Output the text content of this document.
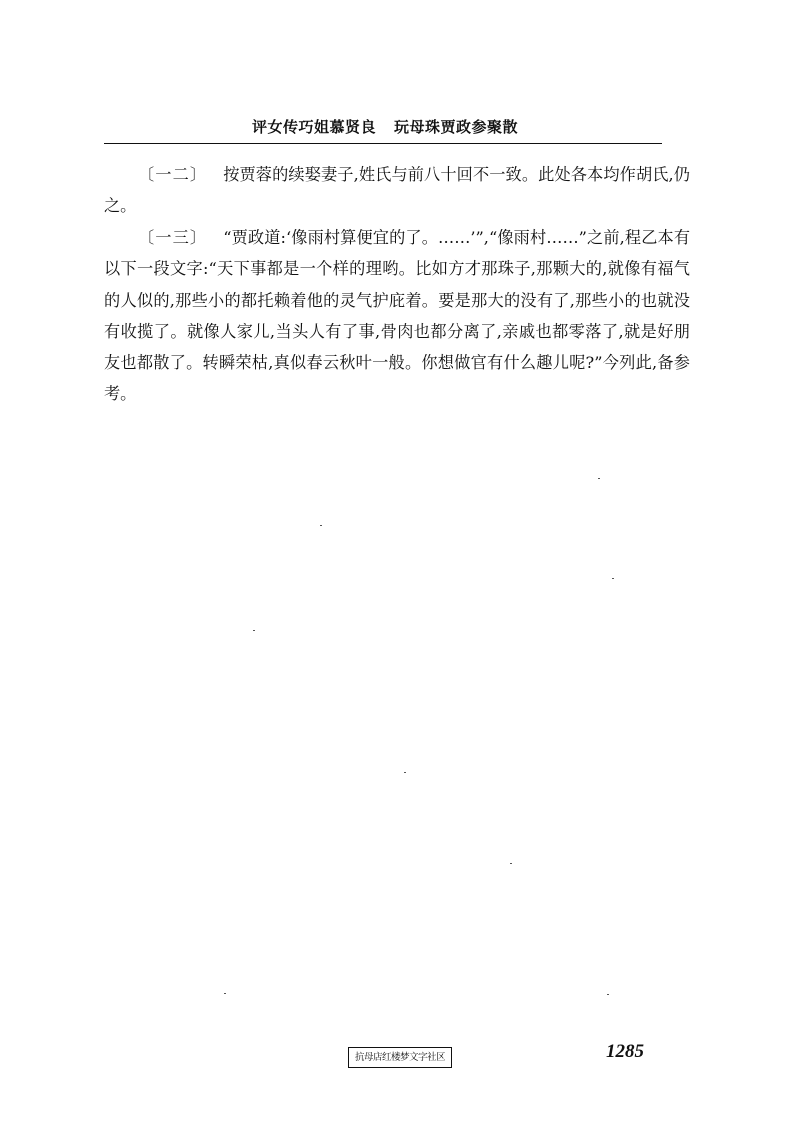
评女传巧姐慕贤良 玩母珠贾政参聚散
〔一二〕 按贾蓉的续娶妻子,姓氏与前八十回不一致。此处各本均作胡氏,仍之。
〔一三〕 “贾政道:‘像雨村算便宜的了。……’”,“像雨村……”之前,程乙本有以下一段文字:“天下事都是一个样的理哟。比如方才那珠子,那颗大的,就像有福气的人似的,那些小的都托赖着他的灵气护庇着。要是那大的没有了,那些小的也就没有收揽了。就像人家儿,当头人有了事,骨肉也都分离了,亲戚也都零落了,就是好朋友也都散了。转瞬荣枯,真似春云秋叶一般。你想做官有什么趣儿呢?”今列此,备参考。
抗母店红楼梦文字社区	1285
